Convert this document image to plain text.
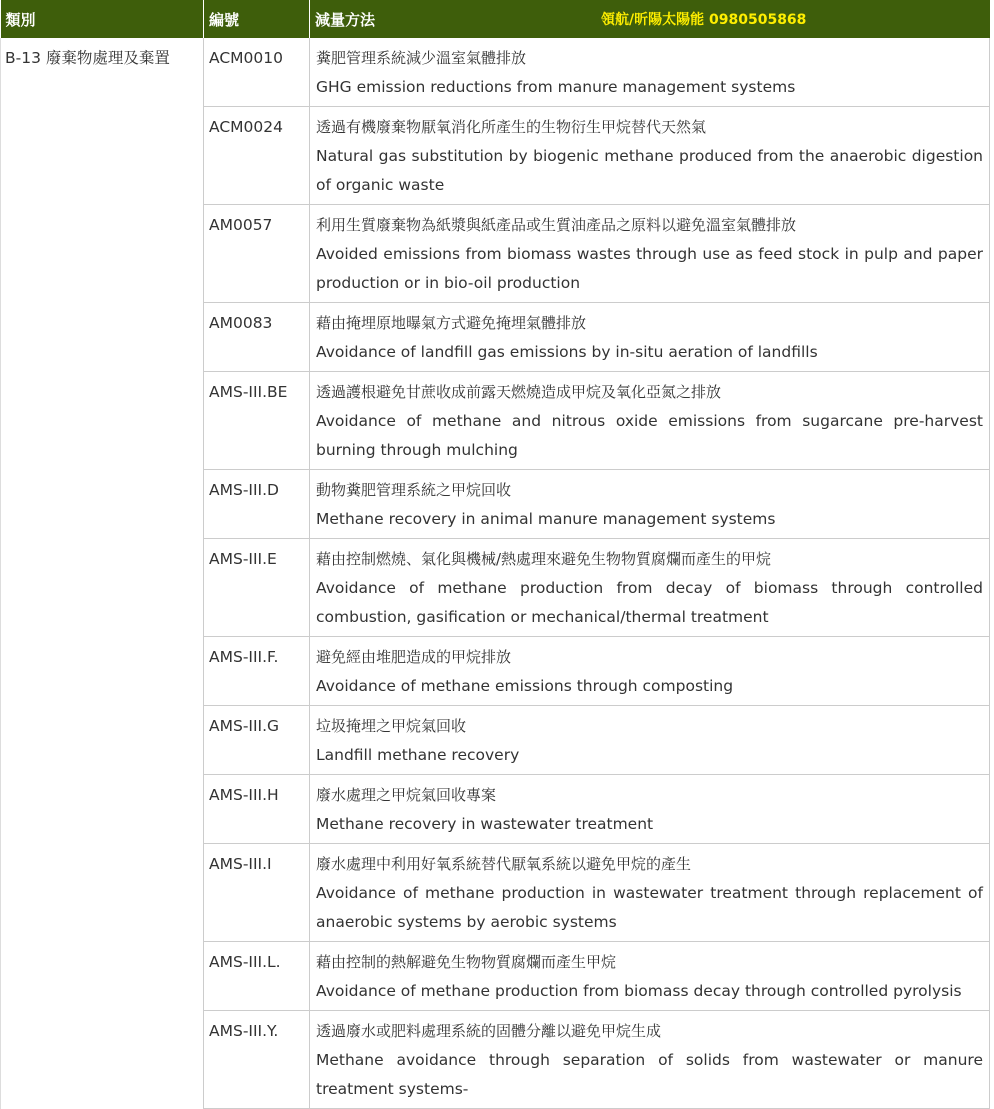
類別	編號	減量方法 領航/昕陽太陽能 0980505868

B-13 廢棄物處理及棄置	ACM0010	糞肥管理系統減少溫室氣體排放
GHG emission reductions from manure management systems

	ACM0024	透過有機廢棄物厭氧消化所產生的生物衍生甲烷替代天然氣
Natural gas substitution by biogenic methane produced from the anaerobic digestion of organic waste

	AM0057	利用生質廢棄物為紙漿與紙產品或生質油產品之原料以避免溫室氣體排放
Avoided emissions from biomass wastes through use as feed stock in pulp and paper production or in bio-oil production

	AM0083	藉由掩埋原地曝氣方式避免掩埋氣體排放
Avoidance of landfill gas emissions by in-situ aeration of landfills

	AMS-III.BE	透過護根避免甘蔗收成前露天燃燒造成甲烷及氧化亞氮之排放
Avoidance of methane and nitrous oxide emissions from sugarcane pre-harvest burning through mulching

	AMS-III.D	動物糞肥管理系統之甲烷回收
Methane recovery in animal manure management systems

	AMS-III.E	藉由控制燃燒、氣化與機械/熱處理來避免生物物質腐爛而產生的甲烷
Avoidance of methane production from decay of biomass through controlled combustion, gasification or mechanical/thermal treatment

	AMS-III.F.	避免經由堆肥造成的甲烷排放
Avoidance of methane emissions through composting

	AMS-III.G	垃圾掩埋之甲烷氣回收
Landfill methane recovery

	AMS-III.H	廢水處理之甲烷氣回收專案
Methane recovery in wastewater treatment

	AMS-III.I	廢水處理中利用好氧系統替代厭氧系統以避免甲烷的產生
Avoidance of methane production in wastewater treatment through replacement of anaerobic systems by aerobic systems

	AMS-III.L.	藉由控制的熱解避免生物物質腐爛而產生甲烷
Avoidance of methane production from biomass decay through controlled pyrolysis

	AMS-III.Y.	透過廢水或肥料處理系統的固體分離以避免甲烷生成
Methane avoidance through separation of solids from wastewater or manure treatment systems-
